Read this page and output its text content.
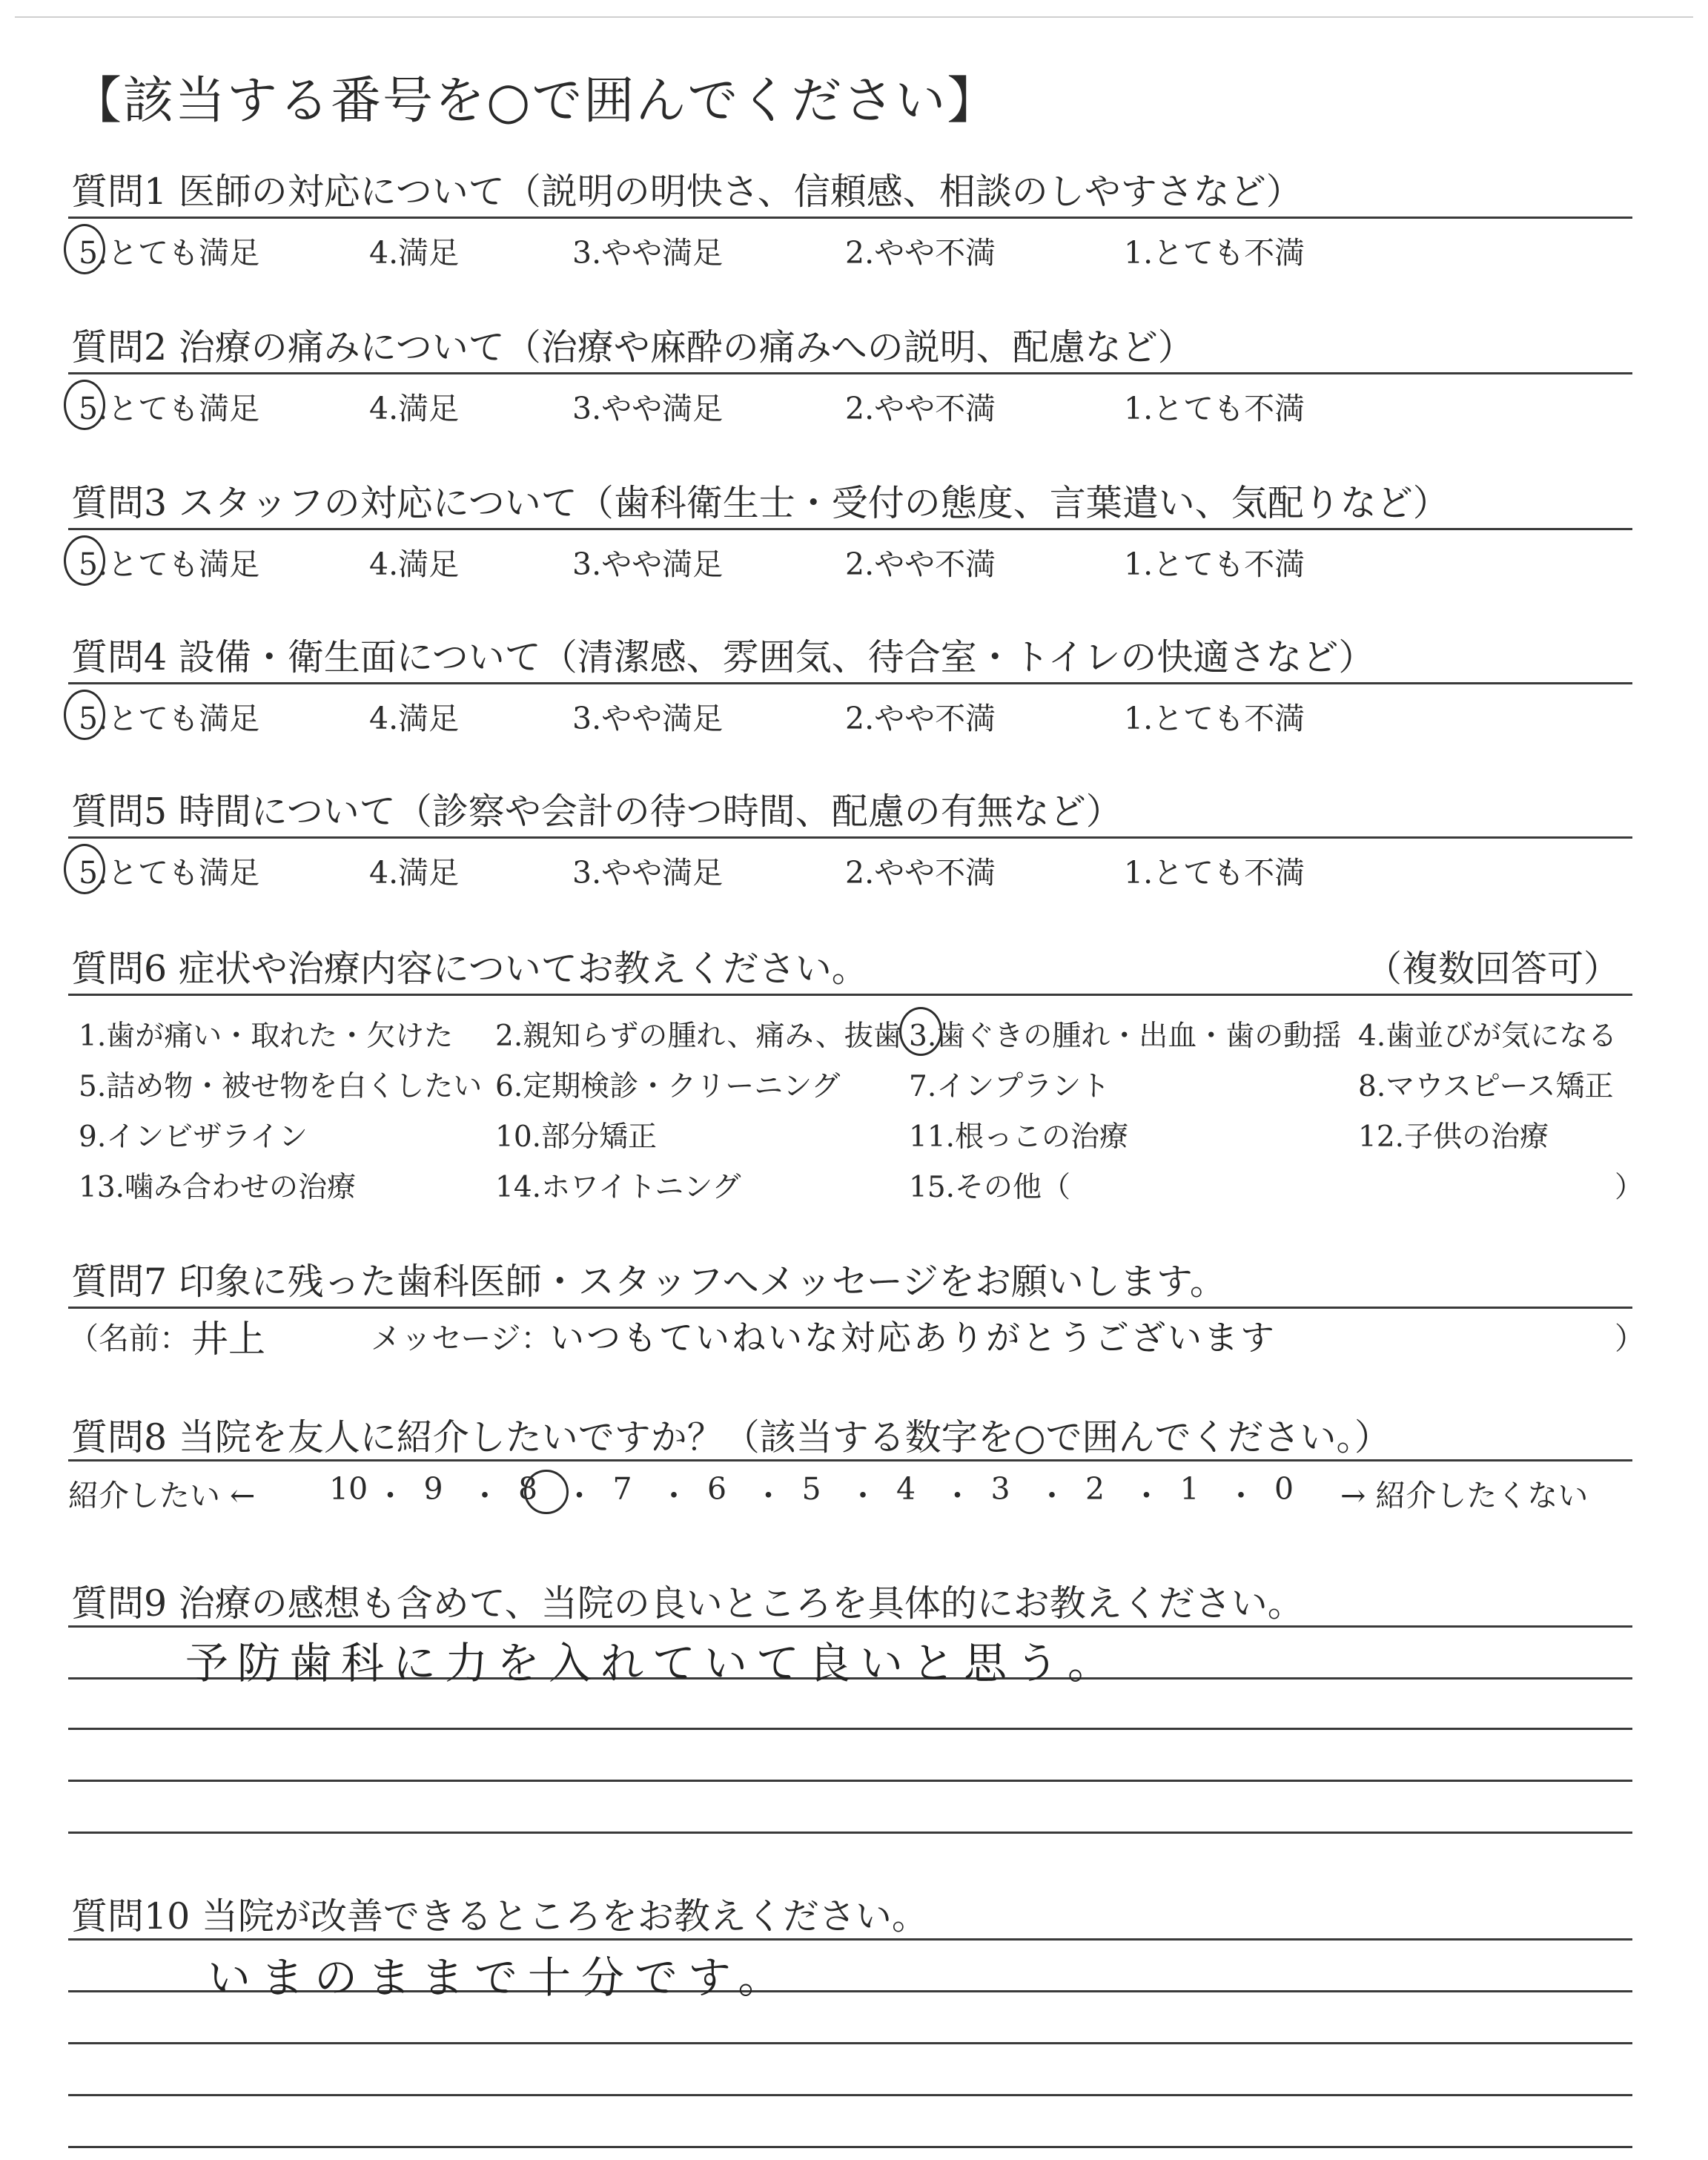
【該当する番号を○で囲んでください】
質問1 医師の対応について（説明の明快さ、信頼感、相談のしやすさなど）
5.とても満足	4.満足	3.やや満足	2.やや不満	1.とても不満
質問2 治療の痛みについて（治療や麻酔の痛みへの説明、配慮など）
5.とても満足	4.満足	3.やや満足	2.やや不満	1.とても不満
質問3 スタッフの対応について（歯科衛生士・受付の態度、言葉遣い、気配りなど）
5.とても満足	4.満足	3.やや満足	2.やや不満	1.とても不満
質問4 設備・衛生面について（清潔感、雰囲気、待合室・トイレの快適さなど）
5.とても満足	4.満足	3.やや満足	2.やや不満	1.とても不満
質問5 時間について（診察や会計の待つ時間、配慮の有無など）
5.とても満足	4.満足	3.やや満足	2.やや不満	1.とても不満
質問6 症状や治療内容についてお教えください。	（複数回答可）
1.歯が痛い・取れた・欠けた 2.親知らずの腫れ、痛み、抜歯 3.歯ぐきの腫れ・出血・歯の動揺 4.歯並びが気になる
5.詰め物・被せ物を白くしたい 6.定期検診・クリーニング 7.インプラント	8.マウスピース矯正
9.インビザライン	10.部分矯正	11.根っこの治療	12.子供の治療
13.噛み合わせの治療	14.ホワイトニング	15.その他（	）
質問7 印象に残った歯科医師・スタッフへメッセージをお願いします。
（名前： 井上	メッセージ：
いつもていねいな対応ありがとうございます	）
質問8 当院を友人に紹介したいですか？（該当する数字を○で囲んでください。）
紹介したい ← 10 ・ 9 ・ 8 ・ 7 ・ 6 ・ 5 ・ 4 ・ 3 ・ 2 ・ 1 ・ 0 → 紹介したくない
質問9 治療の感想も含めて、当院の良いところを具体的にお教えください。
予防歯科に力を入れていて良いと思う。
質問10 当院が改善できるところをお教えください。
いまのままで十分です。
